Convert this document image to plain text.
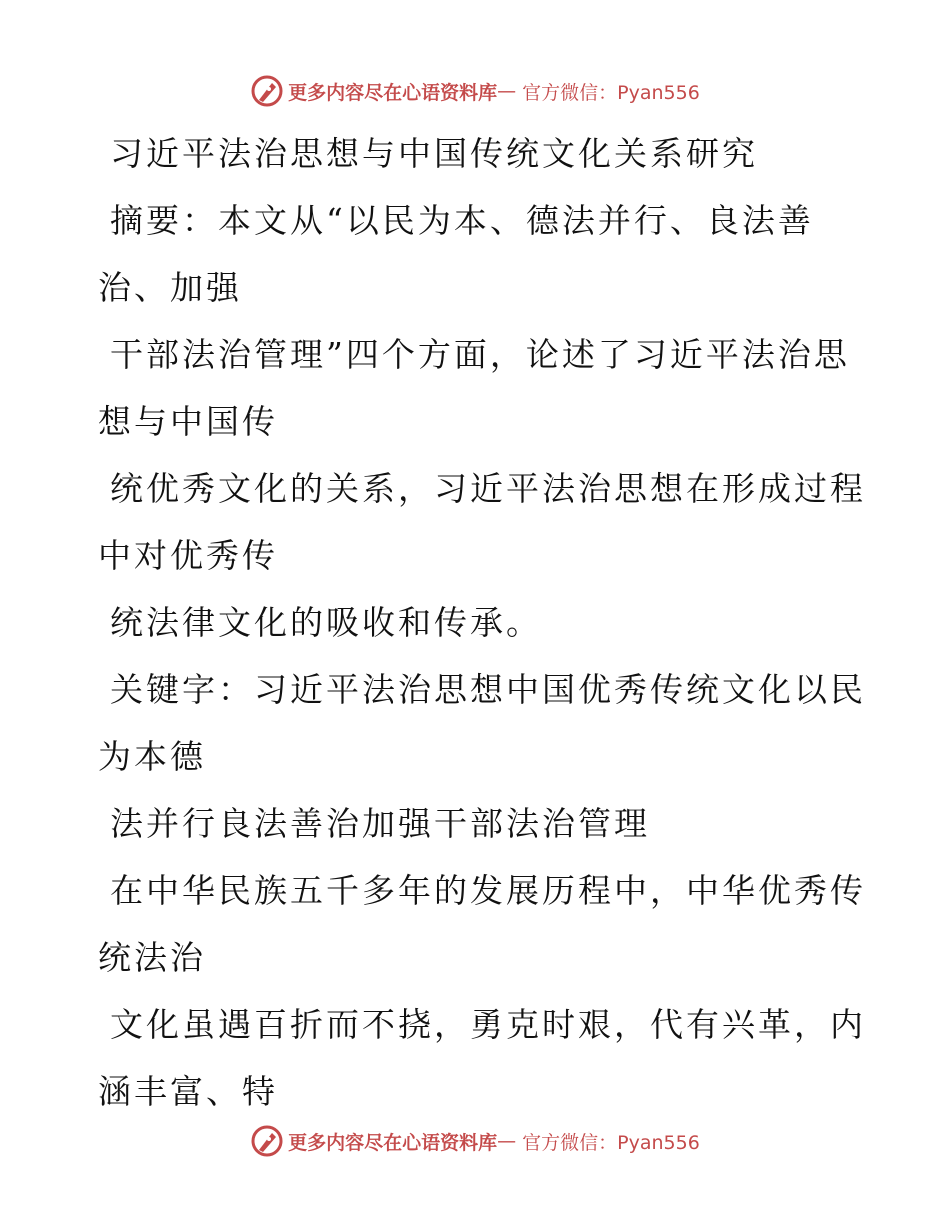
更多内容尽在心语资料库 — 官方微信：Pyan556

习近平法治思想与中国传统文化关系研究

摘要：本文从“以民为本、德法并行、良法善
治、加强

干部法治管理”四个方面，论述了习近平法治思
想与中国传

统优秀文化的关系，习近平法治思想在形成过程
中对优秀传

统法律文化的吸收和传承。

关键字：习近平法治思想中国优秀传统文化以民
为本德

法并行良法善治加强干部法治管理

在中华民族五千多年的发展历程中，中华优秀传
统法治

文化虽遇百折而不挠，勇克时艰，代有兴革，内
涵丰富、特

更多内容尽在心语资料库 — 官方微信：Pyan556
